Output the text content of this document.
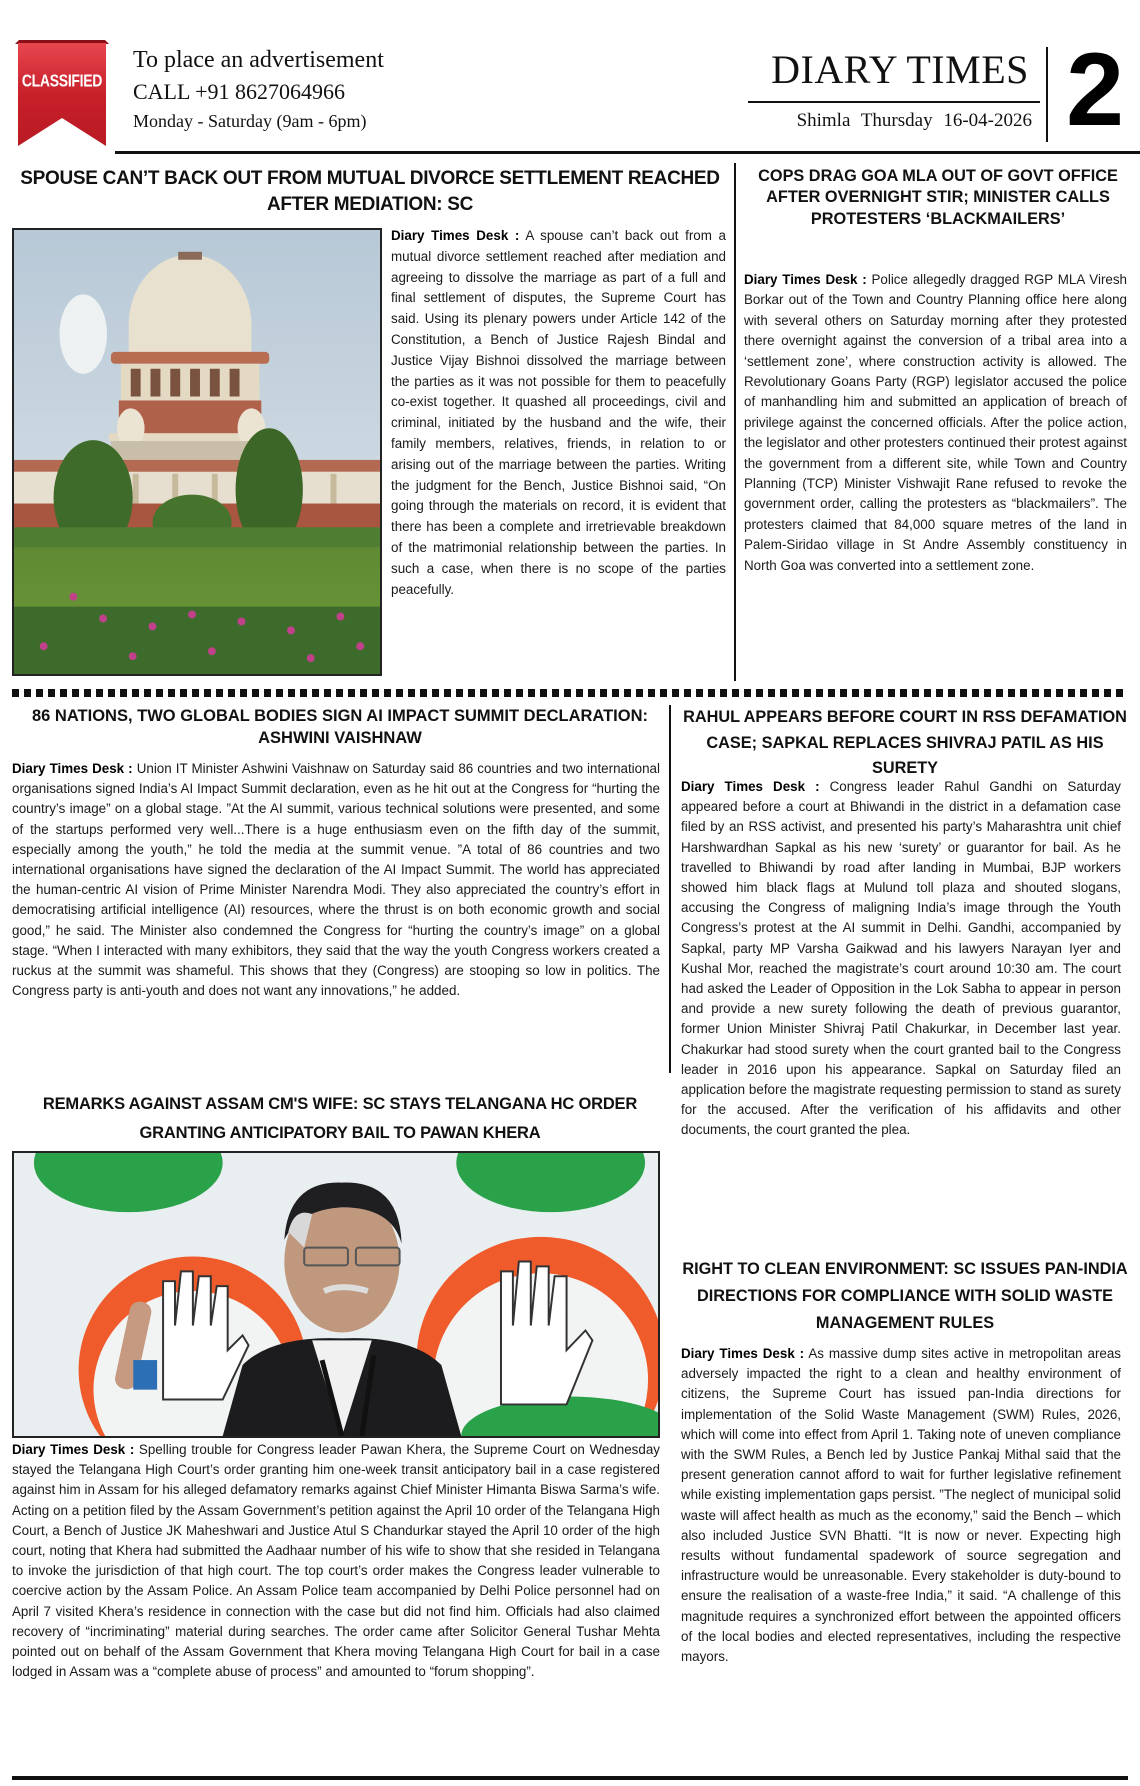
CLASSIFIED
To place an advertisement
CALL +91 8627064966
Monday - Saturday (9am - 6pm)
DIARY TIMES
Shimla Thursday 16-04-2026 2
SPOUSE CAN’T BACK OUT FROM MUTUAL DIVORCE SETTLEMENT REACHED AFTER MEDIATION: SC

Diary Times Desk : A spouse can’t back out from a mutual divorce settlement reached after mediation and agreeing to dissolve the marriage as part of a full and final settlement of disputes, the Supreme Court has said. Using its plenary powers under Article 142 of the Constitution, a Bench of Justice Rajesh Bindal and Justice Vijay Bishnoi dissolved the marriage between the parties as it was not possible for them to peacefully co-exist together. It quashed all proceedings, civil and criminal, initiated by the husband and the wife, their family members, relatives, friends, in relation to or arising out of the marriage between the parties. Writing the judgment for the Bench, Justice Bishnoi said, “On going through the materials on record, it is evident that there has been a complete and irretrievable breakdown of the matrimonial relationship between the parties. In such a case, when there is no scope of the parties peacefully.

COPS DRAG GOA MLA OUT OF GOVT OFFICE AFTER OVERNIGHT STIR; MINISTER CALLS PROTESTERS ‘BLACKMAILERS’

Diary Times Desk : Police allegedly dragged RGP MLA Viresh Borkar out of the Town and Country Planning office here along with several others on Saturday morning after they protested there overnight against the conversion of a tribal area into a ‘settlement zone’, where construction activity is allowed. The Revolutionary Goans Party (RGP) legislator accused the police of manhandling him and submitted an application of breach of privilege against the concerned officials. After the police action, the legislator and other protesters continued their protest against the government from a different site, while Town and Country Planning (TCP) Minister Vishwajit Rane refused to revoke the government order, calling the protesters as “blackmailers”. The protesters claimed that 84,000 square metres of the land in Palem-Siridao village in St Andre Assembly constituency in North Goa was converted into a settlement zone.

86 NATIONS, TWO GLOBAL BODIES SIGN AI IMPACT SUMMIT DECLARATION: ASHWINI VAISHNAW

Diary Times Desk : Union IT Minister Ashwini Vaishnaw on Saturday said 86 countries and two international organisations signed India’s AI Impact Summit declaration, even as he hit out at the Congress for “hurting the country’s image” on a global stage. ”At the AI summit, various technical solutions were presented, and some of the startups performed very well...There is a huge enthusiasm even on the fifth day of the summit, especially among the youth,” he told the media at the summit venue. ”A total of 86 countries and two international organisations have signed the declaration of the AI Impact Summit. The world has appreciated the human-centric AI vision of Prime Minister Narendra Modi. They also appreciated the country’s effort in democratising artificial intelligence (AI) resources, where the thrust is on both economic growth and social good,” he said. The Minister also condemned the Congress for “hurting the country’s image” on a global stage. “When I interacted with many exhibitors, they said that the way the youth Congress workers created a ruckus at the summit was shameful. This shows that they (Congress) are stooping so low in politics. The Congress party is anti-youth and does not want any innovations,” he added.

REMARKS AGAINST ASSAM CM'S WIFE: SC STAYS TELANGANA HC ORDER GRANTING ANTICIPATORY BAIL TO PAWAN KHERA

Diary Times Desk : Spelling trouble for Congress leader Pawan Khera, the Supreme Court on Wednesday stayed the Telangana High Court’s order granting him one-week transit anticipatory bail in a case registered against him in Assam for his alleged defamatory remarks against Chief Minister Himanta Biswa Sarma’s wife. Acting on a petition filed by the Assam Government’s petition against the April 10 order of the Telangana High Court, a Bench of Justice JK Maheshwari and Justice Atul S Chandurkar stayed the April 10 order of the high court, noting that Khera had submitted the Aadhaar number of his wife to show that she resided in Telangana to invoke the jurisdiction of that high court. The top court’s order makes the Congress leader vulnerable to coercive action by the Assam Police. An Assam Police team accompanied by Delhi Police personnel had on April 7 visited Khera’s residence in connection with the case but did not find him. Officials had also claimed recovery of “incriminating” material during searches. The order came after Solicitor General Tushar Mehta pointed out on behalf of the Assam Government that Khera moving Telangana High Court for bail in a case lodged in Assam was a “complete abuse of process” and amounted to “forum shopping”.

RAHUL APPEARS BEFORE COURT IN RSS DEFAMATION CASE; SAPKAL REPLACES SHIVRAJ PATIL AS HIS SURETY

Diary Times Desk : Congress leader Rahul Gandhi on Saturday appeared before a court at Bhiwandi in the district in a defamation case filed by an RSS activist, and presented his party’s Maharashtra unit chief Harshwardhan Sapkal as his new ‘surety’ or guarantor for bail. As he travelled to Bhiwandi by road after landing in Mumbai, BJP workers showed him black flags at Mulund toll plaza and shouted slogans, accusing the Congress of maligning India’s image through the Youth Congress’s protest at the AI summit in Delhi. Gandhi, accompanied by Sapkal, party MP Varsha Gaikwad and his lawyers Narayan Iyer and Kushal Mor, reached the magistrate’s court around 10:30 am. The court had asked the Leader of Opposition in the Lok Sabha to appear in person and provide a new surety following the death of previous guarantor, former Union Minister Shivraj Patil Chakurkar, in December last year. Chakurkar had stood surety when the court granted bail to the Congress leader in 2016 upon his appearance. Sapkal on Saturday filed an application before the magistrate requesting permission to stand as surety for the accused. After the verification of his affidavits and other documents, the court granted the plea.

RIGHT TO CLEAN ENVIRONMENT: SC ISSUES PAN-INDIA DIRECTIONS FOR COMPLIANCE WITH SOLID WASTE MANAGEMENT RULES

Diary Times Desk : As massive dump sites active in metropolitan areas adversely impacted the right to a clean and healthy environment of citizens, the Supreme Court has issued pan-India directions for implementation of the Solid Waste Management (SWM) Rules, 2026, which will come into effect from April 1. Taking note of uneven compliance with the SWM Rules, a Bench led by Justice Pankaj Mithal said that the present generation cannot afford to wait for further legislative refinement while existing implementation gaps persist. ”The neglect of municipal solid waste will affect health as much as the economy,” said the Bench – which also included Justice SVN Bhatti. “It is now or never. Expecting high results without fundamental spadework of source segregation and infrastructure would be unreasonable. Every stakeholder is duty-bound to ensure the realisation of a waste-free India,” it said. “A challenge of this magnitude requires a synchronized effort between the appointed officers of the local bodies and elected representatives, including the respective mayors.
